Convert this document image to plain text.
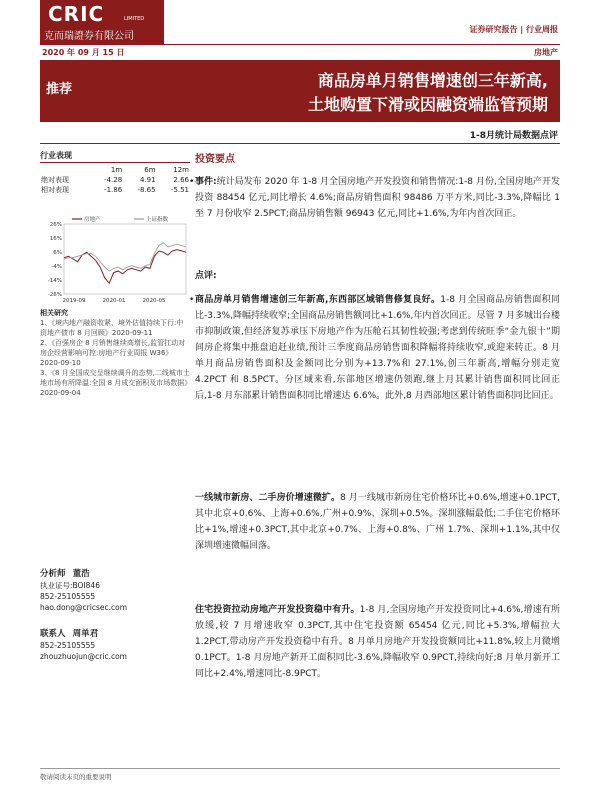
CRIC	LIMITED
克而瑞證券有限公司
证券研究报告 | 行业周报
2020 年 09 月 15 日	房地产
推荐	商品房单月销售增速创三年新高,
土地购置下滑或因融资端监管预期
1-8月统计局数据点评
行业表现
	1m	6m	12m
绝对表现	-4.28	4.91	2.66
相对表现	-1.86	-8.65	-5.51
26%
16%
6%
-4%
-14%
-26%
2019-09	2020-01	2020-05
房地产	上证指数
相关研究
1、《境内地产融资收紧、境外估值持续下行:中资地产债市 8 月回顾》2020-09-11
2、《百强房企 8 月销售继续高增长,监管扛动对房企经营影响可控:房地产行业周报 W36》2020-09-10
3、《8 月全国成交呈继续调升的态势,二线城市土地市场有所降温:全国 8 月成交面积及市场数据》2020-09-04
分析师 董浩
执业证号:BOI846
852-25105555
hao.dong@cricsec.com
联系人 周单君
852-25105555
zhouzhuojun@cric.com
投资要点
• 事件:统计局发布 2020 年 1-8 月全国房地产开发投资和销售情况:1-8 月份,全国房地产开发投资 88454 亿元,同比增长 4.6%;商品房销售面积 98486 万平方米,同比-3.3%,降幅比 1 至 7 月份收窄 2.5PCT;商品房销售额 96943 亿元,同比+1.6%,为年内首次回正。
点评:
• 商品房单月销售增速创三年新高,东西部区域销售修复良好。1-8 月全国商品房销售面积同比-3.3%,降幅持续收窄;全国商品房销售额同比+1.6%,年内首次回正。尽管 7 月多城出台楼市抑制政策,但经济复苏承压下房地产作为压舱石其韧性较强;考虑到传统旺季“金九银十”期间房企将集中推盘追赶业绩,预计三季度商品房销售面积降幅将持续收窄,或迎来转正。8 月单月商品房销售面积及金额同比分别为+13.7%和 27.1%,创三年新高,增幅分别走宽 4.2PCT 和 8.5PCT。分区域来看,东部地区增速仍领跑,继上月其累计销售面积同比回正后,1-8 月东部累计销售面积同比增速达 6.6%。此外,8 月西部地区累计销售面积同比回正。
一线城市新房、二手房价增速微扩。8 月一线城市新房住宅价格环比+0.6%,增速+0.1PCT,其中北京+0.6%、上海+0.6%,广州+0.9%、深圳+0.5%。深圳涨幅最低;二手住宅价格环比+1%,增速+0.3PCT,其中北京+0.7%、上海+0.8%、广州 1.7%、深圳+1.1%,其中仅深圳增速微幅回落。
住宅投资拉动房地产开发投资稳中有升。1-8 月,全国房地产开发投资同比+4.6%,增速有所放缓,较 7 月增速收窄 0.3PCT,其中住宅投资额 65454 亿元,同比+5.3%,增幅拉大 1.2PCT,带动房产开发投资稳中有升。8 月单月房地产开发投资额同比+11.8%,较上月微增 0.1PCT。1-8 月房地产新开工面积同比-3.6%,降幅收窄 0.9PCT,持续向好;8 月单月新开工同比+2.4%,增速同比-8.9PCT。
敬请阅读末页的重要说明
